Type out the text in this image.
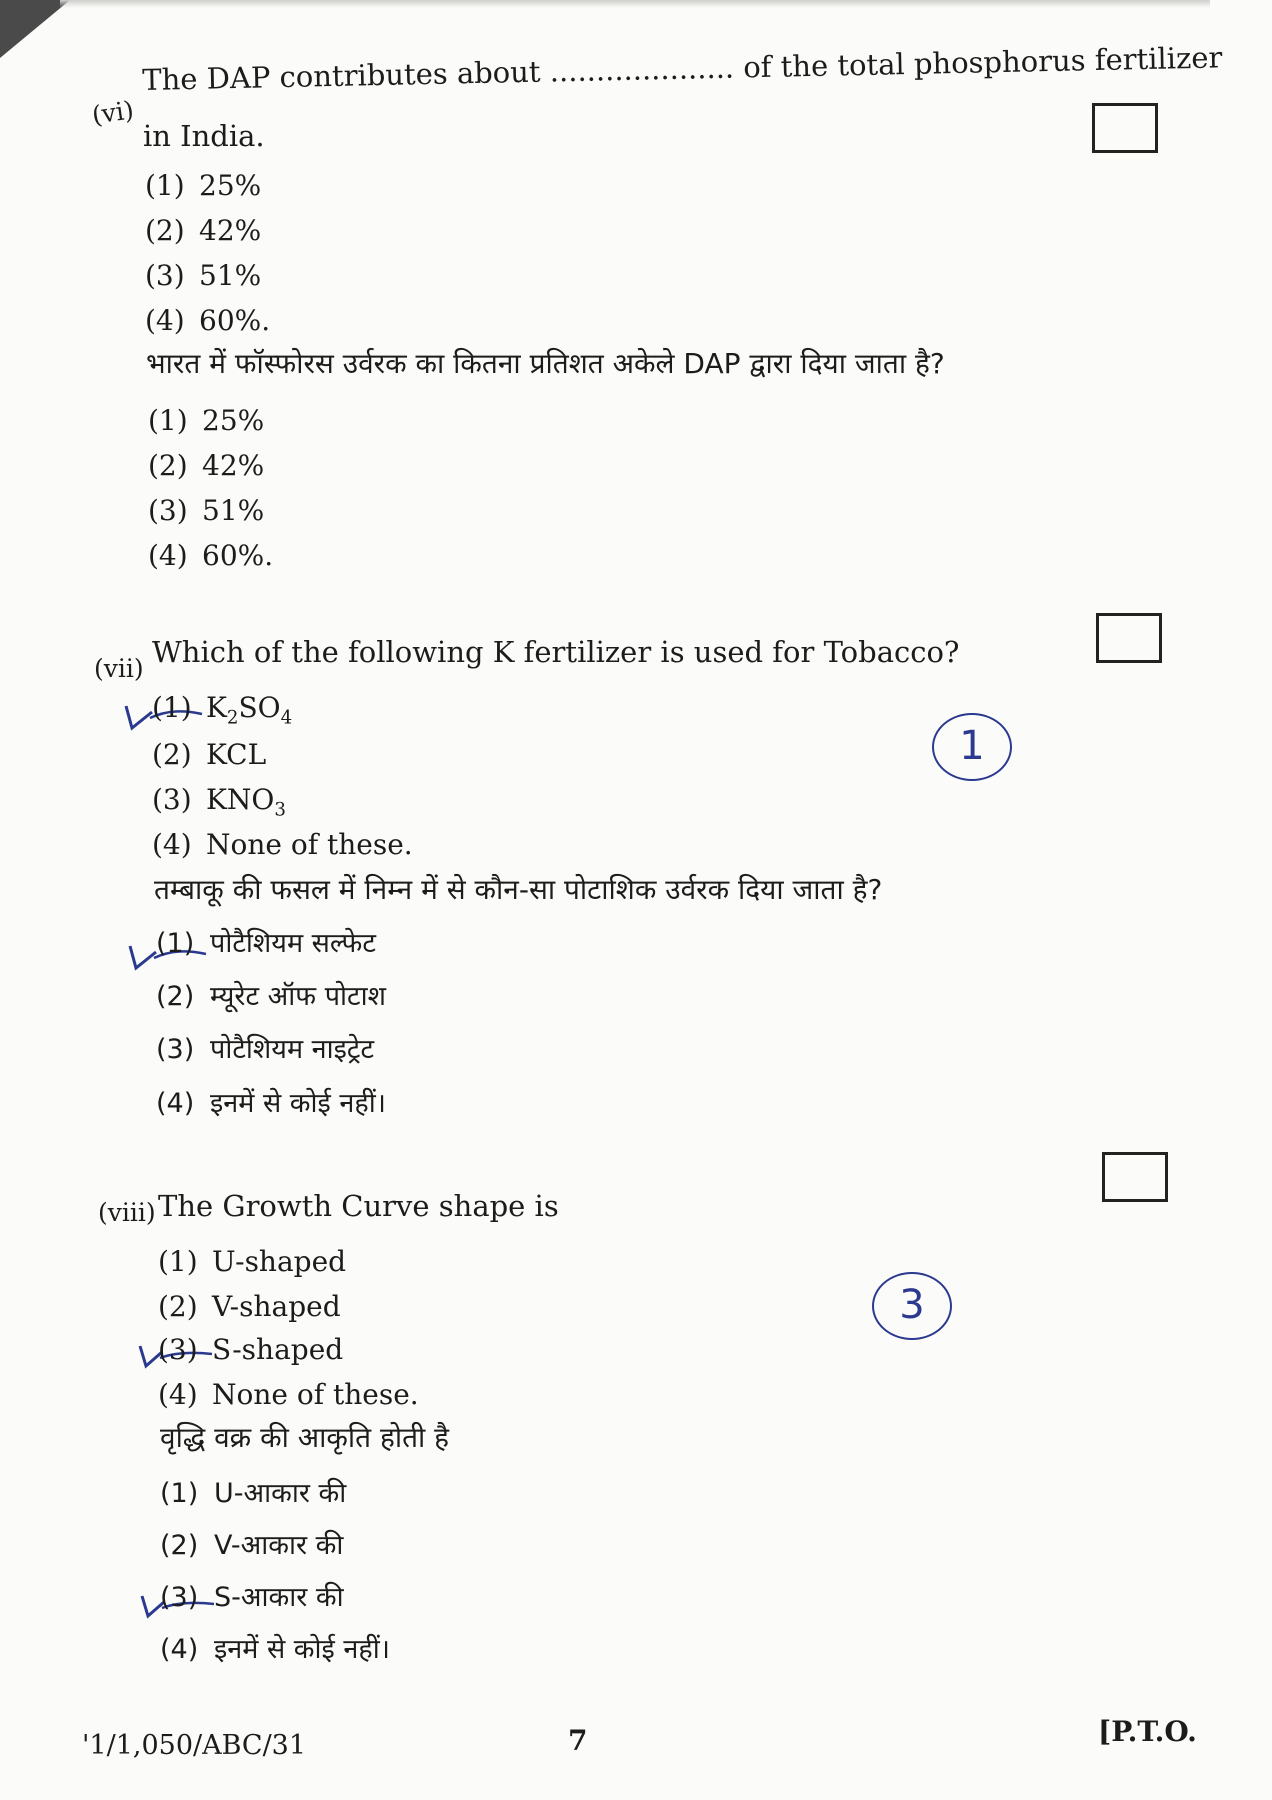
(vi)
The DAP contributes about .................... of the total phosphorus fertilizer
in India.
(1) 25%
(2) 42%
(3) 51%
(4) 60%.
भारत में फॉस्फोरस उर्वरक का कितना प्रतिशत अकेले DAP द्वारा दिया जाता है?
(1) 25%
(2) 42%
(3) 51%
(4) 60%.
(vii) Which of the following K fertilizer is used for Tobacco?
(1) $K_2SO_4$
(2) KCL
(3) $KNO_3$
(4) None of these.
1
तम्बाकू की फसल में निम्न में से कौन-सा पोटाशिक उर्वरक दिया जाता है?
(1) पोटैशियम सल्फेट
(2) म्यूरेट ऑफ पोटाश
(3) पोटैशियम नाइट्रेट
(4) इनमें से कोई नहीं।
(viii) The Growth Curve shape is
(1) U-shaped
(2) V-shaped
(3) S-shaped
(4) None of these.
3
वृद्धि वक्र की आकृति होती है
(1) U-आकार की
(2) V-आकार की
(3) S-आकार की
(4) इनमें से कोई नहीं।
'1/1,050/ABC/31	7	[P.T.O.
